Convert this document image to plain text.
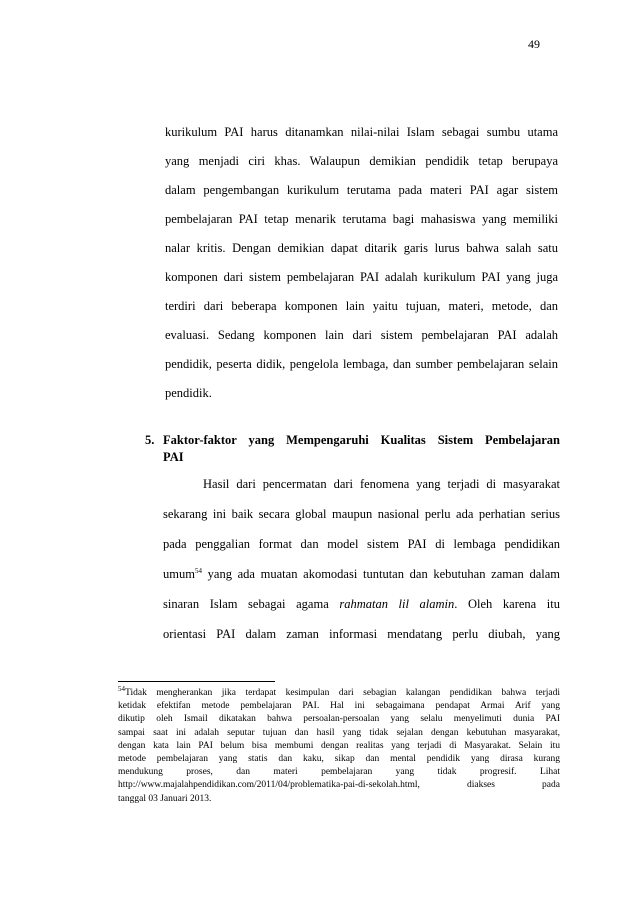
49
kurikulum PAI harus ditanamkan nilai-nilai Islam sebagai sumbu utama
yang menjadi ciri khas. Walaupun demikian pendidik tetap berupaya
dalam pengembangan kurikulum terutama pada materi PAI agar sistem
pembelajaran PAI tetap menarik terutama bagi mahasiswa yang memiliki
nalar kritis. Dengan demikian dapat ditarik garis lurus bahwa salah satu
komponen dari sistem pembelajaran PAI adalah kurikulum PAI yang juga
terdiri dari beberapa komponen lain yaitu tujuan, materi, metode, dan
evaluasi. Sedang komponen lain dari sistem pembelajaran PAI adalah
pendidik, peserta didik, pengelola lembaga, dan sumber pembelajaran selain
pendidik.
5. Faktor-faktor yang Mempengaruhi Kualitas Sistem Pembelajaran
PAI
Hasil dari pencermatan dari fenomena yang terjadi di masyarakat
sekarang ini baik secara global maupun nasional perlu ada perhatian serius
pada penggalian format dan model sistem PAI di lembaga pendidikan
umum$^{54}$ yang ada muatan akomodasi tuntutan dan kebutuhan zaman dalam
sinaran Islam sebagai agama rahmatan lil alamin. Oleh karena itu
orientasi PAI dalam zaman informasi mendatang perlu diubah, yang
$^{54}$Tidak mengherankan jika terdapat kesimpulan dari sebagian kalangan pendidikan bahwa terjadi
ketidak efektifan metode pembelajaran PAI. Hal ini sebagaimana pendapat Armai Arif yang
dikutip oleh Ismail dikatakan bahwa persoalan-persoalan yang selalu menyelimuti dunia PAI
sampai saat ini adalah seputar tujuan dan hasil yang tidak sejalan dengan kebutuhan masyarakat,
dengan kata lain PAI belum bisa membumi dengan realitas yang terjadi di Masyarakat. Selain itu
metode pembelajaran yang statis dan kaku, sikap dan mental pendidik yang dirasa kurang
mendukung proses, dan materi pembelajaran yang tidak progresif. Lihat
http://www.majalahpendidikan.com/2011/04/problematika-pai-di-sekolah.html, diakses pada
tanggal 03 Januari 2013.
